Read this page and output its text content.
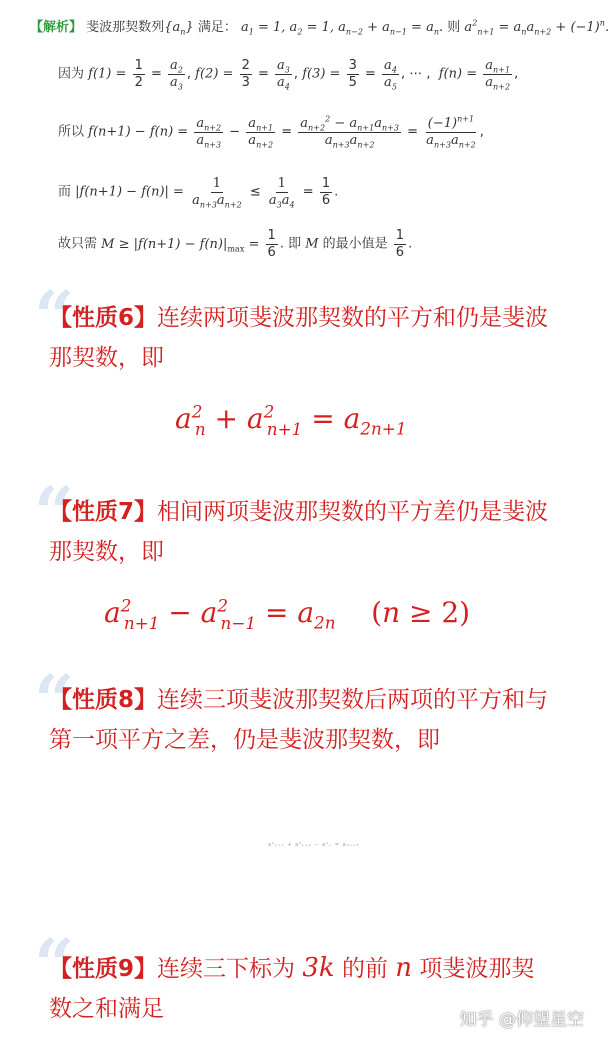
【解析】 斐波那契数列$\{a_n\}$ 满足： $a_1 = 1$, $a_2 = 1$, $a_{n-2} + a_{n-1} = a_n$. 则 $a^2_{n+1} = a_na_{n+2} + (-1)^n$.
因为 $f(1) = \frac{1}{2} = \frac{a_2}{a_3}$ , $f(2) = \frac{2}{3} = \frac{a_3}{a_4}$ , $f(3) = \frac{3}{5} = \frac{a_4}{a_5}$ , ⋯ ,  $f(n) = \frac{a_{n+1}}{a_{n+2}}$ ,
所以 $f(n+1) - f(n) = \frac{a_{n+2}}{a_{n+3}} - \frac{a_{n+1}}{a_{n+2}} = \frac{a_{n+2}^2 - a_{n+1}a_{n+3}}{a_{n+3}a_{n+2}} = \frac{(-1)^{n+1}}{a_{n+3}a_{n+2}}$ ,
而 $|f(n+1) - f(n)| = \frac{1}{a_{n+3}a_{n+2}} \le \frac{1}{a_3a_4} = \frac{1}{6}$ .
故只需 $M \ge |f(n+1) - f(n)|_{max} = \frac{1}{6}$ . 即 M 的最小值是 $\frac{1}{6}$ .
“
【性质6】连续两项斐波那契数的平方和仍是斐波那契数，即
$a^2_n + a^2_{n+1} = a_{2n+1}$
“
【性质7】相间两项斐波那契数的平方差仍是斐波那契数，即
$a^2_{n+1} - a^2_{n-1} = a_{2n}$ (n ≥ 2)
“
【性质8】连续三项斐波那契数后两项的平方和与第一项平方之差，仍是斐波那契数，即
a²ₙ₊₁ + a²ₙ₊₂ − a²ₙ = a₃ₙ₊₃
“
【性质9】连续三下标为 3k 的前 n 项斐波那契数之和满足	知乎 @仰望星空
